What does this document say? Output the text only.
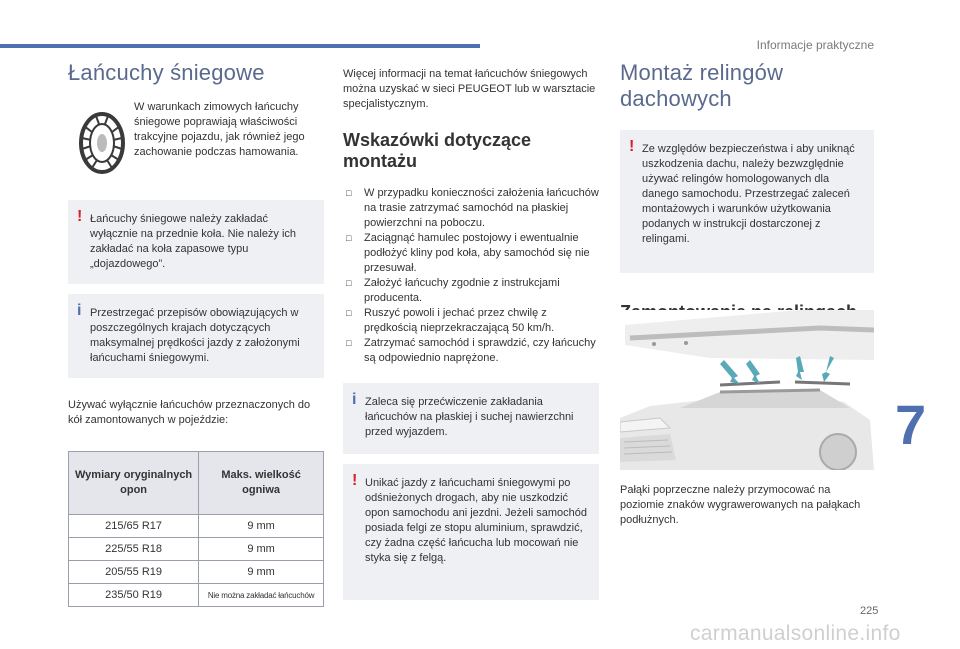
Informacje praktyczne
Łańcuchy śniegowe

W warunkach zimowych łańcuchy śniegowe poprawiają właściwości trakcyjne pojazdu, jak również jego zachowanie podczas hamowania.

! Łańcuchy śniegowe należy zakładać wyłącznie na przednie koła. Nie należy ich zakładać na koła zapasowe typu „dojazdowego”.

i Przestrzegać przepisów obowiązujących w poszczególnych krajach dotyczących maksymalnej prędkości jazdy z założonymi łańcuchami śniegowymi.

Używać wyłącznie łańcuchów przeznaczonych do kół zamontowanych w pojeździe:

Wymiary oryginalnych opon	Maks. wielkość ogniwa
215/65 R17	9 mm
225/55 R18	9 mm
205/55 R19	9 mm
235/50 R19	Nie można zakładać łańcuchów

Więcej informacji na temat łańcuchów śniegowych można uzyskać w sieci PEUGEOT lub w warsztacie specjalistycznym.

Wskazówki dotyczące montażu
□ W przypadku konieczności założenia łańcuchów na trasie zatrzymać samochód na płaskiej powierzchni na poboczu.
□ Zaciągnąć hamulec postojowy i ewentualnie podłożyć kliny pod koła, aby samochód się nie przesuwał.
□ Założyć łańcuchy zgodnie z instrukcjami producenta.
□ Ruszyć powoli i jechać przez chwilę z prędkością nieprzekraczającą 50 km/h.
□ Zatrzymać samochód i sprawdzić, czy łańcuchy są odpowiednio naprężone.
i Zaleca się przećwiczenie zakładania łańcuchów na płaskiej i suchej nawierzchni przed wyjazdem.

! Unikać jazdy z łańcuchami śniegowymi po odśnieżonych drogach, aby nie uszkodzić opon samochodu ani jezdni. Jeżeli samochód posiada felgi ze stopu aluminium, sprawdzić, czy żadna część łańcucha lub mocowań nie styka się z felgą.

Montaż relingów dachowych
! Ze względów bezpieczeństwa i aby uniknąć uszkodzenia dachu, należy bezwzględnie używać relingów homologowanych dla danego samochodu. Przestrzegać zaleceń montażowych i warunków użytkowania podanych w instrukcji dostarczonej z relingami.

Pałąki poprzeczne należy przymocować na poziomie znaków wygrawerowanych na pałąkach podłużnych.

7
225
carmanualsonline.info
